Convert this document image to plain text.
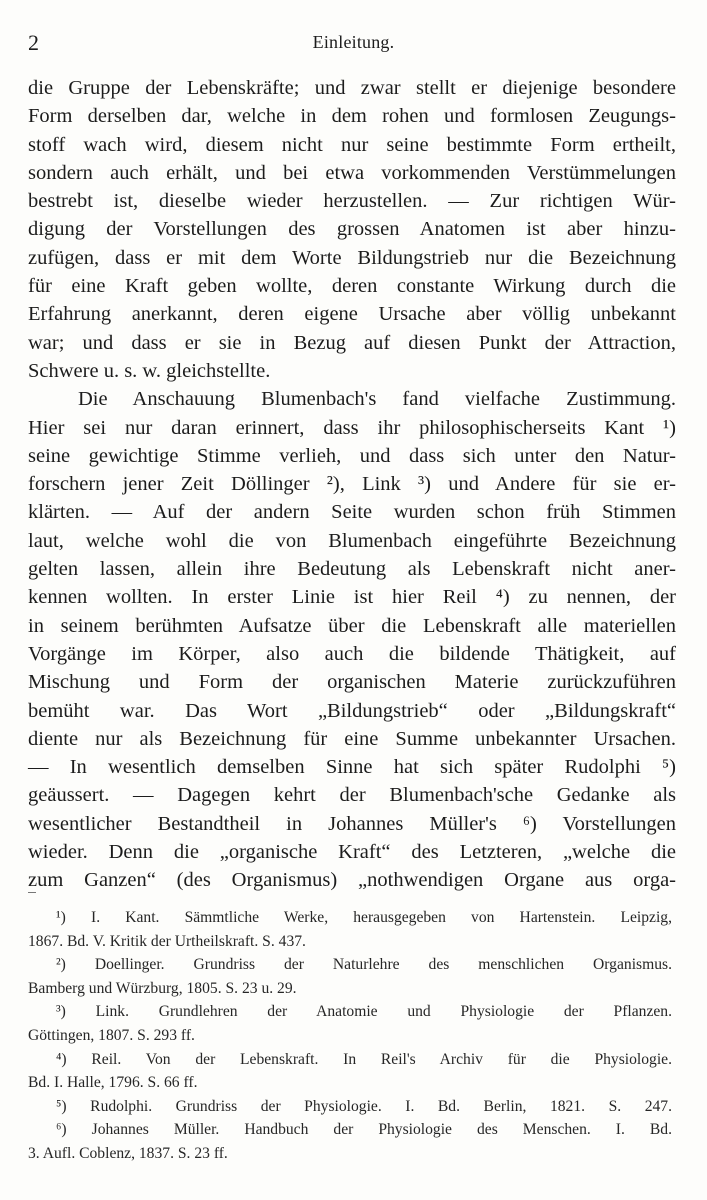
2	Einleitung.
die Gruppe der Lebenskräfte; und zwar stellt er diejenige besondere
Form derselben dar, welche in dem rohen und formlosen Zeugungs-
stoff wach wird, diesem nicht nur seine bestimmte Form ertheilt,
sondern auch erhält, und bei etwa vorkommenden Verstümmelungen
bestrebt ist, dieselbe wieder herzustellen. — Zur richtigen Wür-
digung der Vorstellungen des grossen Anatomen ist aber hinzu-
zufügen, dass er mit dem Worte Bildungstrieb nur die Bezeichnung
für eine Kraft geben wollte, deren constante Wirkung durch die
Erfahrung anerkannt, deren eigene Ursache aber völlig unbekannt
war; und dass er sie in Bezug auf diesen Punkt der Attraction,
Schwere u. s. w. gleichstellte.
Die Anschauung Blumenbach's fand vielfache Zustimmung.
Hier sei nur daran erinnert, dass ihr philosophischerseits Kant ¹)
seine gewichtige Stimme verlieh, und dass sich unter den Natur-
forschern jener Zeit Döllinger ²), Link ³) und Andere für sie er-
klärten. — Auf der andern Seite wurden schon früh Stimmen
laut, welche wohl die von Blumenbach eingeführte Bezeichnung
gelten lassen, allein ihre Bedeutung als Lebenskraft nicht aner-
kennen wollten. In erster Linie ist hier Reil ⁴) zu nennen, der
in seinem berühmten Aufsatze über die Lebenskraft alle materiellen
Vorgänge im Körper, also auch die bildende Thätigkeit, auf
Mischung und Form der organischen Materie zurückzuführen
bemüht war. Das Wort „Bildungstrieb“ oder „Bildungskraft“
diente nur als Bezeichnung für eine Summe unbekannter Ursachen.
— In wesentlich demselben Sinne hat sich später Rudolphi ⁵)
geäussert. — Dagegen kehrt der Blumenbach'sche Gedanke als
wesentlicher Bestandtheil in Johannes Müller's ⁶) Vorstellungen
wieder. Denn die „organische Kraft“ des Letzteren, „welche die
zum Ganzen“ (des Organismus) „nothwendigen Organe aus orga-
¹) I. Kant. Sämmtliche Werke, herausgegeben von Hartenstein. Leipzig,
1867. Bd. V. Kritik der Urtheilskraft. S. 437.
²) Doellinger. Grundriss der Naturlehre des menschlichen Organismus.
Bamberg und Würzburg, 1805. S. 23 u. 29.
³) Link. Grundlehren der Anatomie und Physiologie der Pflanzen.
Göttingen, 1807. S. 293 ff.
⁴) Reil. Von der Lebenskraft. In Reil's Archiv für die Physiologie.
Bd. I. Halle, 1796. S. 66 ff.
⁵) Rudolphi. Grundriss der Physiologie. I. Bd. Berlin, 1821. S. 247.
⁶) Johannes Müller. Handbuch der Physiologie des Menschen. I. Bd.
3. Aufl. Coblenz, 1837. S. 23 ff.
